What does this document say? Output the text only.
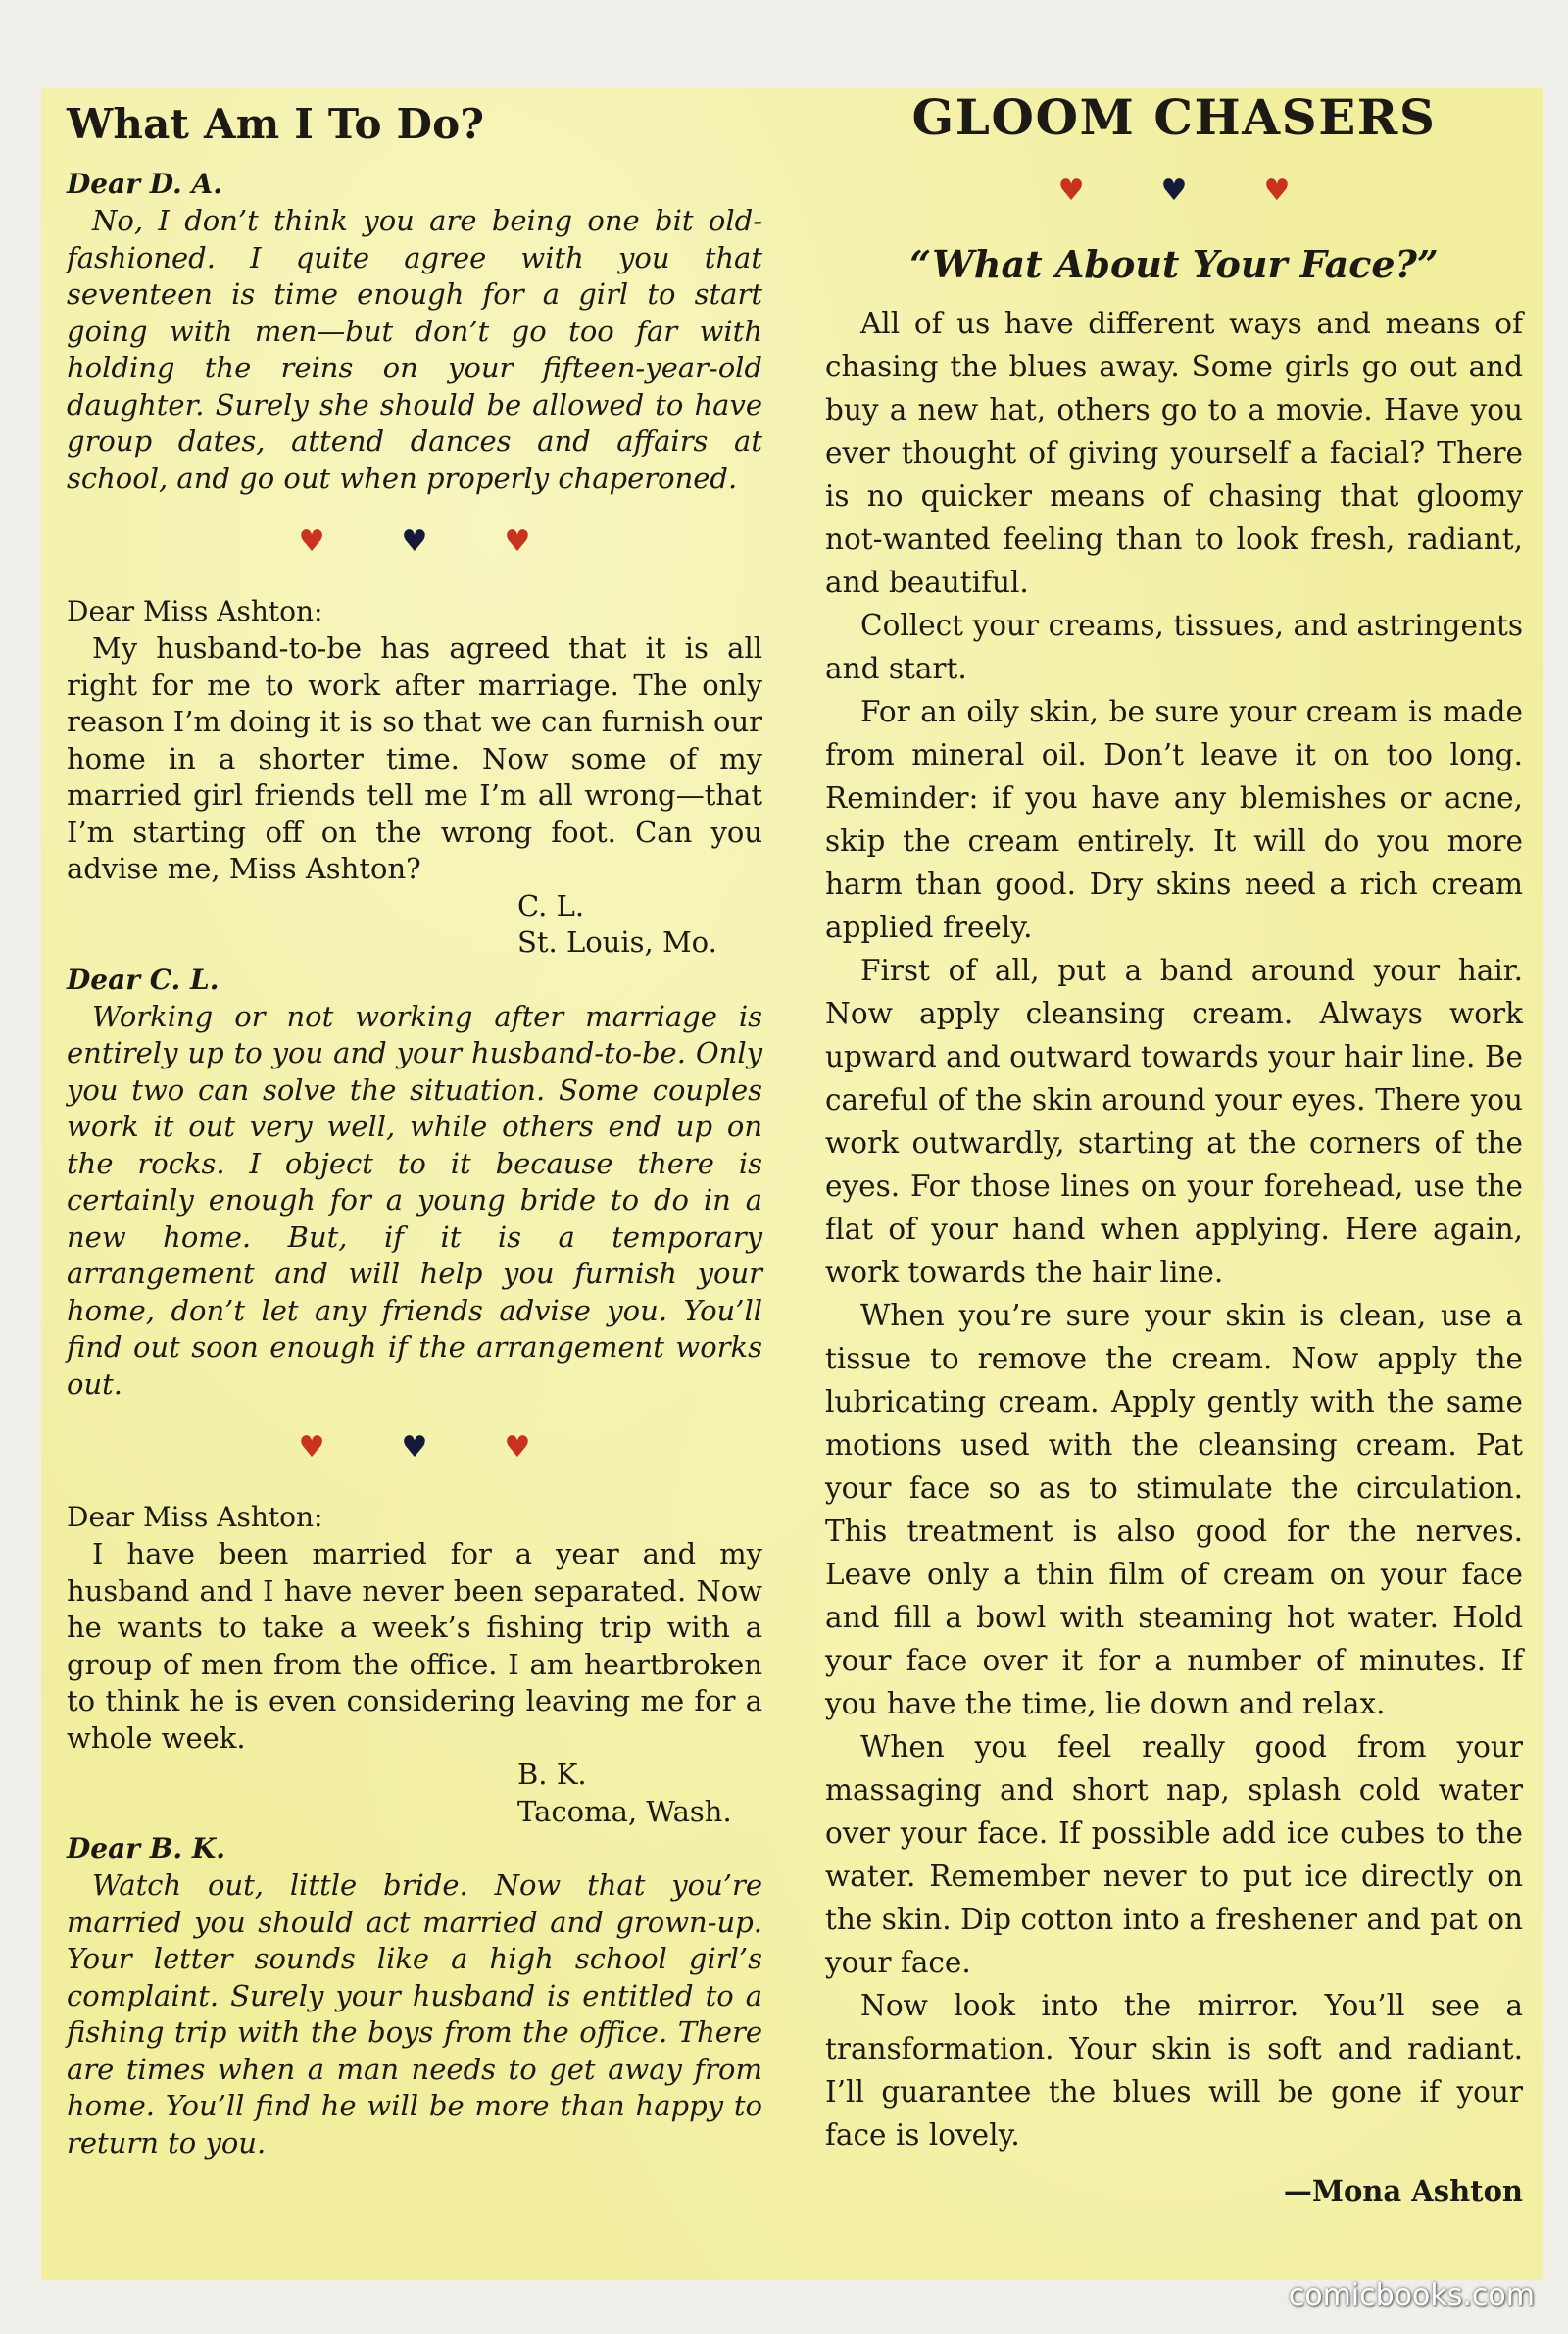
What Am I To Do?

Dear D. A.

No, I don’t think you are being one bit old-fashioned. I quite agree with you that seventeen is time enough for a girl to start going with men—but don’t go too far with holding the reins on your fifteen-year-old daughter. Surely she should be allowed to have group dates, attend dances and affairs at school, and go out when properly chaperoned.

♥	♥	♥

Dear Miss Ashton:

My husband-to-be has agreed that it is all right for me to work after marriage. The only reason I’m doing it is so that we can furnish our home in a shorter time. Now some of my married girl friends tell me I’m all wrong—that I’m starting off on the wrong foot. Can you advise me, Miss Ashton?

C. L.

St. Louis, Mo.

Dear C. L.

Working or not working after marriage is entirely up to you and your husband-to-be. Only you two can solve the situation. Some couples work it out very well, while others end up on the rocks. I object to it because there is certainly enough for a young bride to do in a new home. But, if it is a temporary arrangement and will help you furnish your home, don’t let any friends advise you. You’ll find out soon enough if the arrangement works out.

♥	♥	♥

Dear Miss Ashton:

I have been married for a year and my husband and I have never been separated. Now he wants to take a week’s fishing trip with a group of men from the office. I am heartbroken to think he is even considering leaving me for a whole week.

B. K.

Tacoma, Wash.

Dear B. K.

Watch out, little bride. Now that you’re married you should act married and grown-up. Your letter sounds like a high school girl’s complaint. Surely your husband is entitled to a fishing trip with the boys from the office. There are times when a man needs to get away from home. You’ll find he will be more than happy to return to you.

GLOOM CHASERS
♥	♥	♥
“What About Your Face?”

All of us have different ways and means of chasing the blues away. Some girls go out and buy a new hat, others go to a movie. Have you ever thought of giving yourself a facial? There is no quicker means of chasing that gloomy not-wanted feeling than to look fresh, radiant, and beautiful.

Collect your creams, tissues, and astringents and start.

For an oily skin, be sure your cream is made from mineral oil. Don’t leave it on too long. Reminder: if you have any blemishes or acne, skip the cream entirely. It will do you more harm than good. Dry skins need a rich cream applied freely.

First of all, put a band around your hair. Now apply cleansing cream. Always work upward and outward towards your hair line. Be careful of the skin around your eyes. There you work outwardly, starting at the corners of the eyes. For those lines on your forehead, use the flat of your hand when applying. Here again, work towards the hair line.

When you’re sure your skin is clean, use a tissue to remove the cream. Now apply the lubricating cream. Apply gently with the same motions used with the cleansing cream. Pat your face so as to stimulate the circulation. This treatment is also good for the nerves. Leave only a thin film of cream on your face and fill a bowl with steaming hot water. Hold your face over it for a number of minutes. If you have the time, lie down and relax.

When you feel really good from your massaging and short nap, splash cold water over your face. If possible add ice cubes to the water. Remember never to put ice directly on the skin. Dip cotton into a freshener and pat on your face.

Now look into the mirror. You’ll see a transformation. Your skin is soft and radiant. I’ll guarantee the blues will be gone if your face is lovely.

—Mona Ashton

comicbooks.com
